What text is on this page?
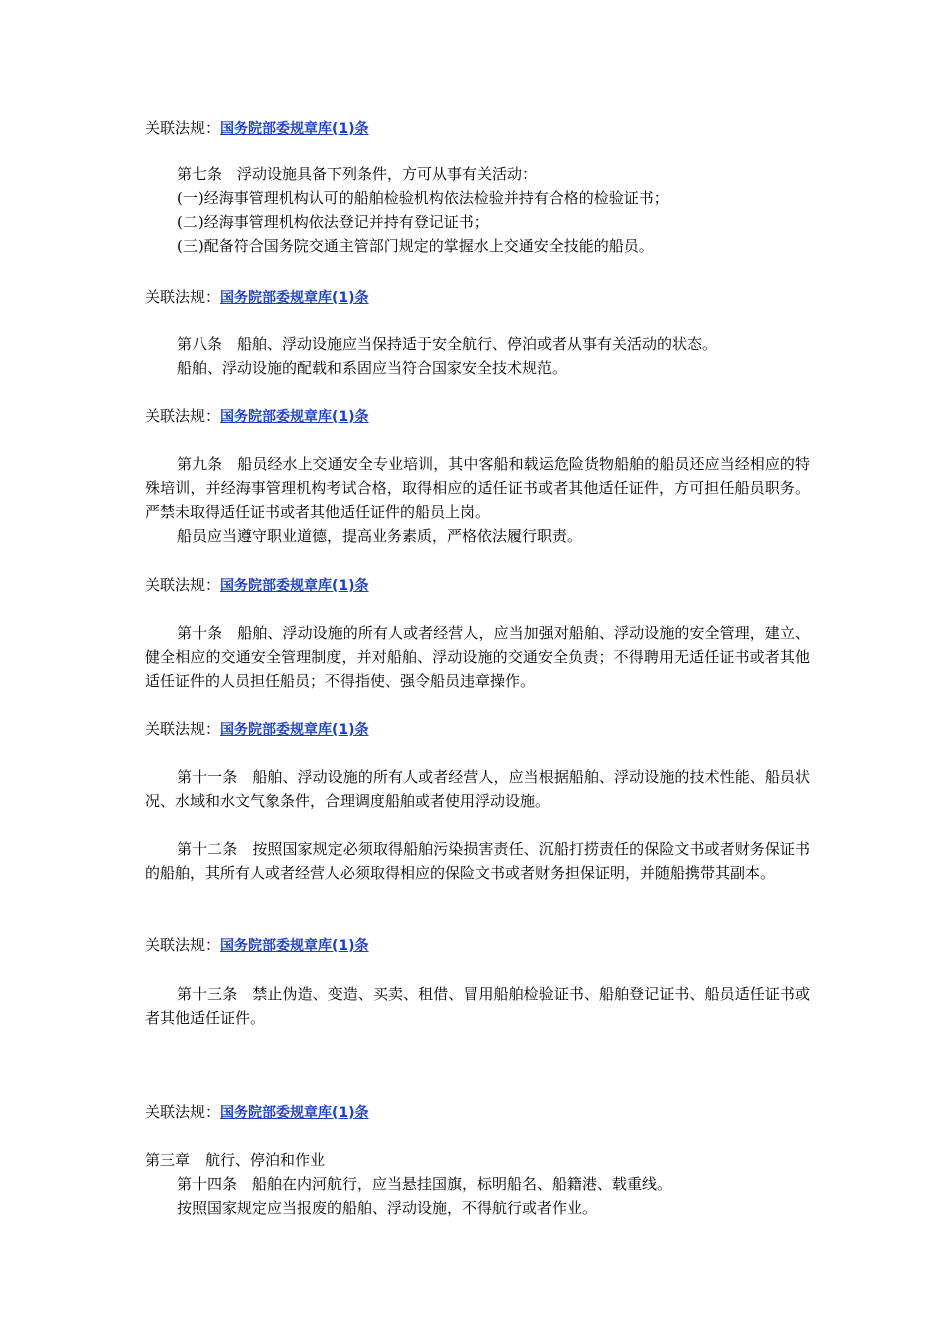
关联法规：国务院部委规章库(1)条

第七条　浮动设施具备下列条件，方可从事有关活动：

(一)经海事管理机构认可的船舶检验机构依法检验并持有合格的检验证书；

(二)经海事管理机构依法登记并持有登记证书；

(三)配备符合国务院交通主管部门规定的掌握水上交通安全技能的船员。

关联法规：国务院部委规章库(1)条

第八条　船舶、浮动设施应当保持适于安全航行、停泊或者从事有关活动的状态。

船舶、浮动设施的配载和系固应当符合国家安全技术规范。

关联法规：国务院部委规章库(1)条

第九条　船员经水上交通安全专业培训，其中客船和载运危险货物船舶的船员还应当经相应的特殊培训，并经海事管理机构考试合格，取得相应的适任证书或者其他适任证件，方可担任船员职务。严禁未取得适任证书或者其他适任证件的船员上岗。

船员应当遵守职业道德，提高业务素质，严格依法履行职责。

关联法规：国务院部委规章库(1)条

第十条　船舶、浮动设施的所有人或者经营人，应当加强对船舶、浮动设施的安全管理，建立、健全相应的交通安全管理制度，并对船舶、浮动设施的交通安全负责；不得聘用无适任证书或者其他适任证件的人员担任船员；不得指使、强令船员违章操作。

关联法规：国务院部委规章库(1)条

第十一条　船舶、浮动设施的所有人或者经营人，应当根据船舶、浮动设施的技术性能、船员状况、水域和水文气象条件，合理调度船舶或者使用浮动设施。

第十二条　按照国家规定必须取得船舶污染损害责任、沉船打捞责任的保险文书或者财务保证书的船舶，其所有人或者经营人必须取得相应的保险文书或者财务担保证明，并随船携带其副本。

关联法规：国务院部委规章库(1)条

第十三条　禁止伪造、变造、买卖、租借、冒用船舶检验证书、船舶登记证书、船员适任证书或者其他适任证件。

关联法规：国务院部委规章库(1)条

第三章　航行、停泊和作业

第十四条　船舶在内河航行，应当悬挂国旗，标明船名、船籍港、载重线。

按照国家规定应当报废的船舶、浮动设施，不得航行或者作业。
